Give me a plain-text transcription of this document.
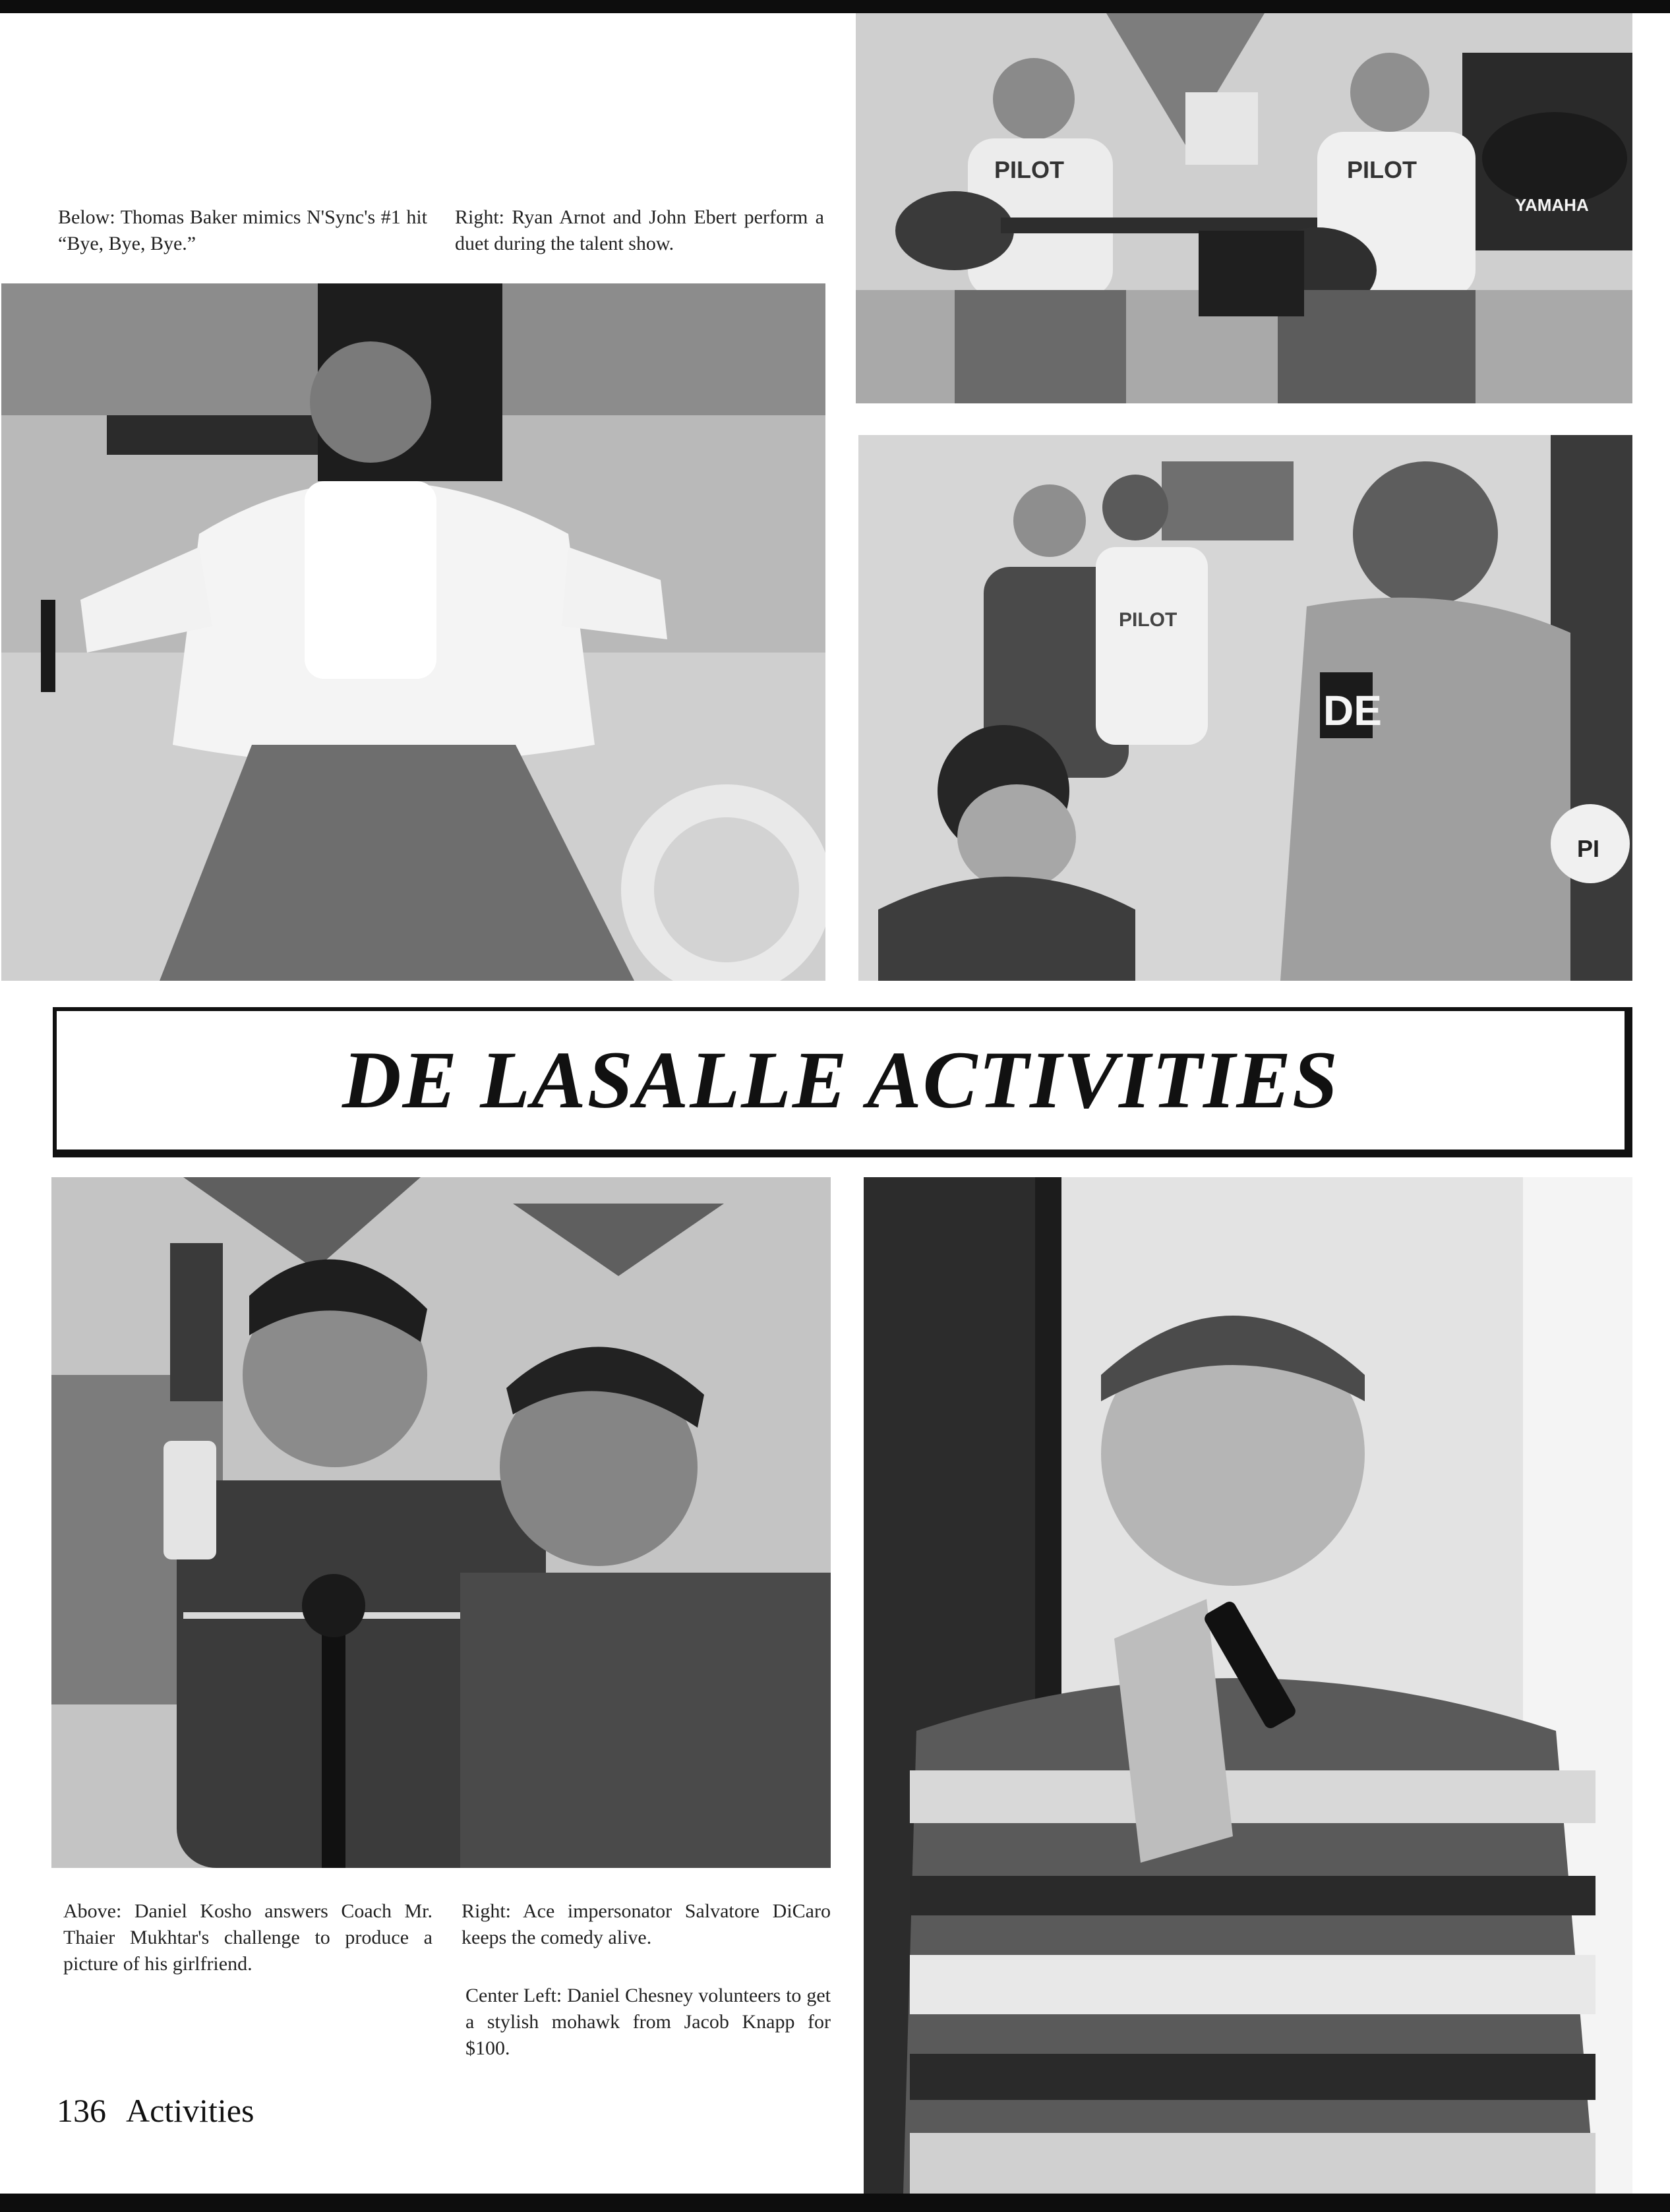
Below: Thomas Baker mimics N'Sync's #1 hit “Bye, Bye, Bye.”

Right: Ryan Arnot and John Ebert perform a duet during the talent show.

PILOT	PILOT
YAMAHA
DE
PILOT
PI
DE LASALLE ACTIVITIES

Above: Daniel Kosho answers Coach Mr. Thaier Mukhtar's challenge to produce a picture of his girlfriend.

Right: Ace impersonator Salvatore DiCaro keeps the comedy alive.

Center Left: Daniel Chesney volunteers to get a stylish mohawk from Jacob Knapp for $100.

136 Activities
